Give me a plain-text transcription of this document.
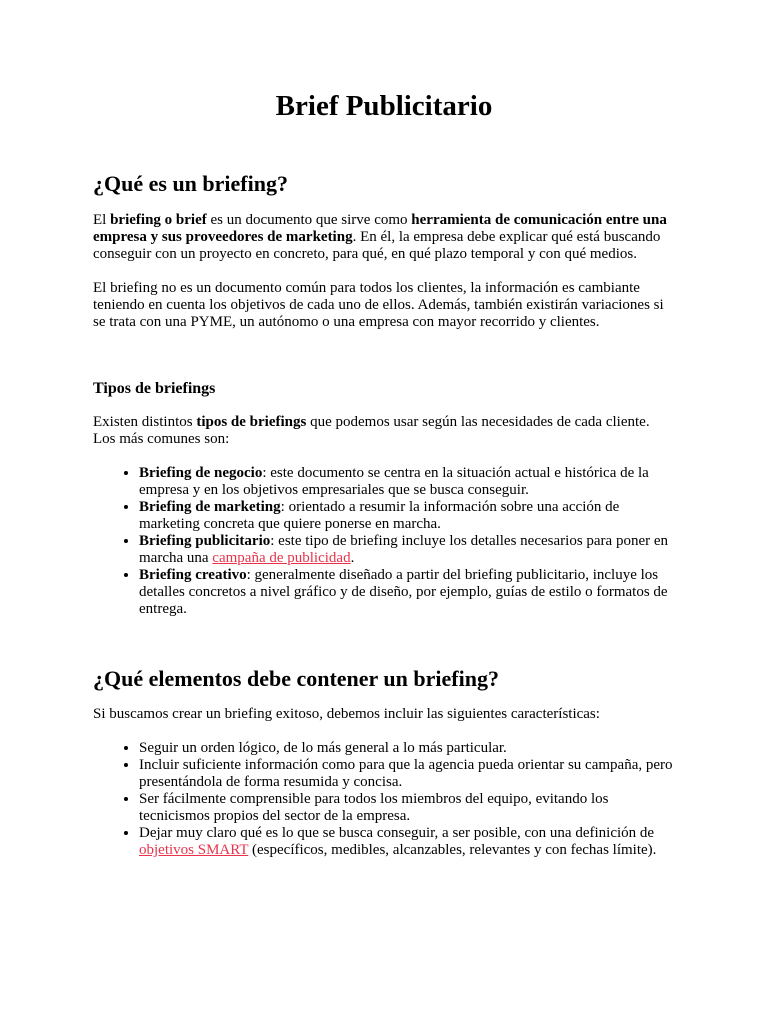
Brief Publicitario
¿Qué es un briefing?

El briefing o brief es un documento que sirve como herramienta de comunicación entre una empresa y sus proveedores de marketing. En él, la empresa debe explicar qué está buscando conseguir con un proyecto en concreto, para qué, en qué plazo temporal y con qué medios.

El briefing no es un documento común para todos los clientes, la información es cambiante teniendo en cuenta los objetivos de cada uno de ellos. Además, también existirán variaciones si se trata con una PYME, un autónomo o una empresa con mayor recorrido y clientes.

Tipos de briefings

Existen distintos tipos de briefings que podemos usar según las necesidades de cada cliente. Los más comunes son:

• Briefing de negocio: este documento se centra en la situación actual e histórica de la empresa y en los objetivos empresariales que se busca conseguir.
• Briefing de marketing: orientado a resumir la información sobre una acción de marketing concreta que quiere ponerse en marcha.
• Briefing publicitario: este tipo de briefing incluye los detalles necesarios para poner en marcha una campaña de publicidad.
• Briefing creativo: generalmente diseñado a partir del briefing publicitario, incluye los detalles concretos a nivel gráfico y de diseño, por ejemplo, guías de estilo o formatos de entrega.
¿Qué elementos debe contener un briefing?

Si buscamos crear un briefing exitoso, debemos incluir las siguientes características:

• Seguir un orden lógico, de lo más general a lo más particular.
• Incluir suficiente información como para que la agencia pueda orientar su campaña, pero presentándola de forma resumida y concisa.
• Ser fácilmente comprensible para todos los miembros del equipo, evitando los tecnicismos propios del sector de la empresa.
• Dejar muy claro qué es lo que se busca conseguir, a ser posible, con una definición de objetivos SMART (específicos, medibles, alcanzables, relevantes y con fechas límite).
